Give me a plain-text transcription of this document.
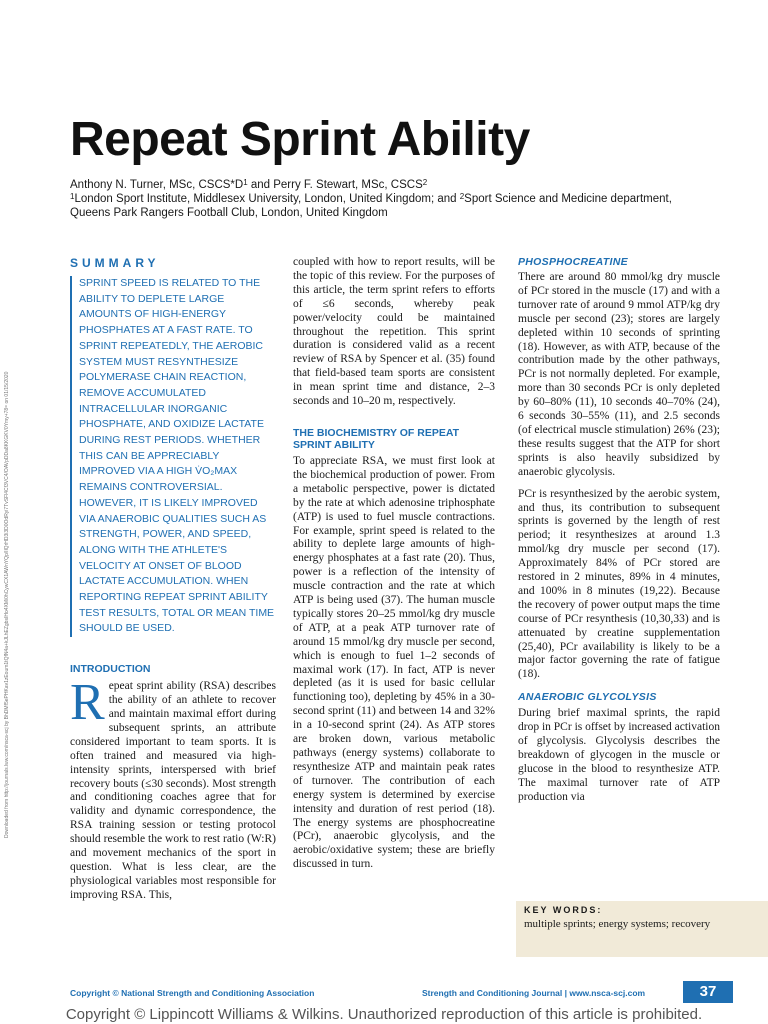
Downloaded from http://journals.lww.com/nsca-scj by BhDMf5ePHKav1zEoum1tQfN4a+kJLhEZgbsIHo4XMi0hCywCX1AWnYQp/IlQrHD3i3D0OdRyi7TvSFl4Cf3VC4/OAVpDDa8KKGKV0Ymy+78= on 01/15/2020
Repeat Sprint Ability
Anthony N. Turner, MSc, $CSCS*D^1$ and Perry F. Stewart, MSc, CSCS$^2$
$^1$London Sport Institute, Middlesex University, London, United Kingdom; and $^2$Sport Science and Medicine department, Queens Park Rangers Football Club, London, United Kingdom
SUMMARY
SPRINT SPEED IS RELATED TO THE ABILITY TO DEPLETE LARGE AMOUNTS OF HIGH-ENERGY PHOSPHATES AT A FAST RATE. TO SPRINT REPEATEDLY, THE AEROBIC SYSTEM MUST RESYNTHESIZE POLYMERASE CHAIN REACTION, REMOVE ACCUMULATED INTRACELLULAR INORGANIC PHOSPHATE, AND OXIDIZE LACTATE DURING REST PERIODS. WHETHER THIS CAN BE APPRECIABLY IMPROVED VIA A HIGH V̇O₂MAX REMAINS CONTROVERSIAL. HOWEVER, IT IS LIKELY IMPROVED VIA ANAEROBIC QUALITIES SUCH AS STRENGTH, POWER, AND SPEED, ALONG WITH THE ATHLETE'S VELOCITY AT ONSET OF BLOOD LACTATE ACCUMULATION. WHEN REPORTING REPEAT SPRINT ABILITY TEST RESULTS, TOTAL OR MEAN TIME SHOULD BE USED.
INTRODUCTION
Repeat sprint ability (RSA) describes the ability of an athlete to recover and maintain maximal effort during subsequent sprints, an attribute considered important to team sports. It is often trained and measured via high-intensity sprints, interspersed with brief recovery bouts (≤30 seconds). Most strength and conditioning coaches agree that for validity and dynamic correspondence, the RSA training session or testing protocol should resemble the work to rest ratio (W:R) and movement mechanics of the sport in question. What is less clear, are the physiological variables most responsible for improving RSA. This,
coupled with how to report results, will be the topic of this review. For the purposes of this article, the term sprint refers to efforts of ≤6 seconds, whereby peak power/velocity could be maintained throughout the repetition. This sprint duration is considered valid as a recent review of RSA by Spencer et al. (35) found that field-based team sports are consistent in mean sprint time and distance, 2–3 seconds and 10–20 m, respectively.
THE BIOCHEMISTRY OF REPEAT SPRINT ABILITY
To appreciate RSA, we must first look at the biochemical production of power. From a metabolic perspective, power is dictated by the rate at which adenosine triphosphate (ATP) is used to fuel muscle contractions. For example, sprint speed is related to the ability to deplete large amounts of high-energy phosphates at a fast rate (20). Thus, power is a reflection of the intensity of muscle contraction and the rate at which ATP is being used (37). The human muscle typically stores 20–25 mmol/kg dry muscle of ATP, at a peak ATP turnover rate of around 15 mmol/kg dry muscle per second, which is enough to fuel 1–2 seconds of maximal work (17). In fact, ATP is never depleted (as it is used for basic cellular functioning too), depleting by 45% in a 30-second sprint (11) and between 14 and 32% in a 10-second sprint (24). As ATP stores are broken down, various metabolic pathways (energy systems) collaborate to resynthesize ATP and maintain peak rates of turnover. The contribution of each energy system is determined by exercise intensity and duration of rest period (18). The energy systems are phosphocreatine (PCr), anaerobic glycolysis, and the aerobic/oxidative system; these are briefly discussed in turn.
PHOSPHOCREATINE
There are around 80 mmol/kg dry muscle of PCr stored in the muscle (17) and with a turnover rate of around 9 mmol ATP/kg dry muscle per second (23); stores are largely depleted within 10 seconds of sprinting (18). However, as with ATP, because of the contribution made by the other pathways, PCr is not normally depleted. For example, more than 30 seconds PCr is only depleted by 60–80% (11), 10 seconds 40–70% (24), 6 seconds 30–55% (11), and 2.5 seconds (of electrical muscle stimulation) 26% (23); these results suggest that the ATP for short sprints is also heavily subsidized by anaerobic glycolysis.
PCr is resynthesized by the aerobic system, and thus, its contribution to subsequent sprints is governed by the length of rest period; it resynthesizes at around 1.3 mmol/kg dry muscle per second (17). Approximately 84% of PCr stored are restored in 2 minutes, 89% in 4 minutes, and 100% in 8 minutes (19,22). Because the recovery of power output maps the time course of PCr resynthesis (10,30,33) and is attenuated by creatine supplementation (25,40), PCr availability is likely to be a major factor governing the rate of fatigue (18).
ANAEROBIC GLYCOLYSIS
During brief maximal sprints, the rapid drop in PCr is offset by increased activation of glycolysis. Glycolysis describes the breakdown of glycogen in the muscle or glucose in the blood to resynthesize ATP. The maximal turnover rate of ATP production via
KEY WORDS:
multiple sprints; energy systems; recovery
Copyright © National Strength and Conditioning Association	Strength and Conditioning Journal | www.nsca-scj.com	37
Copyright © Lippincott Williams & Wilkins. Unauthorized reproduction of this article is prohibited.
